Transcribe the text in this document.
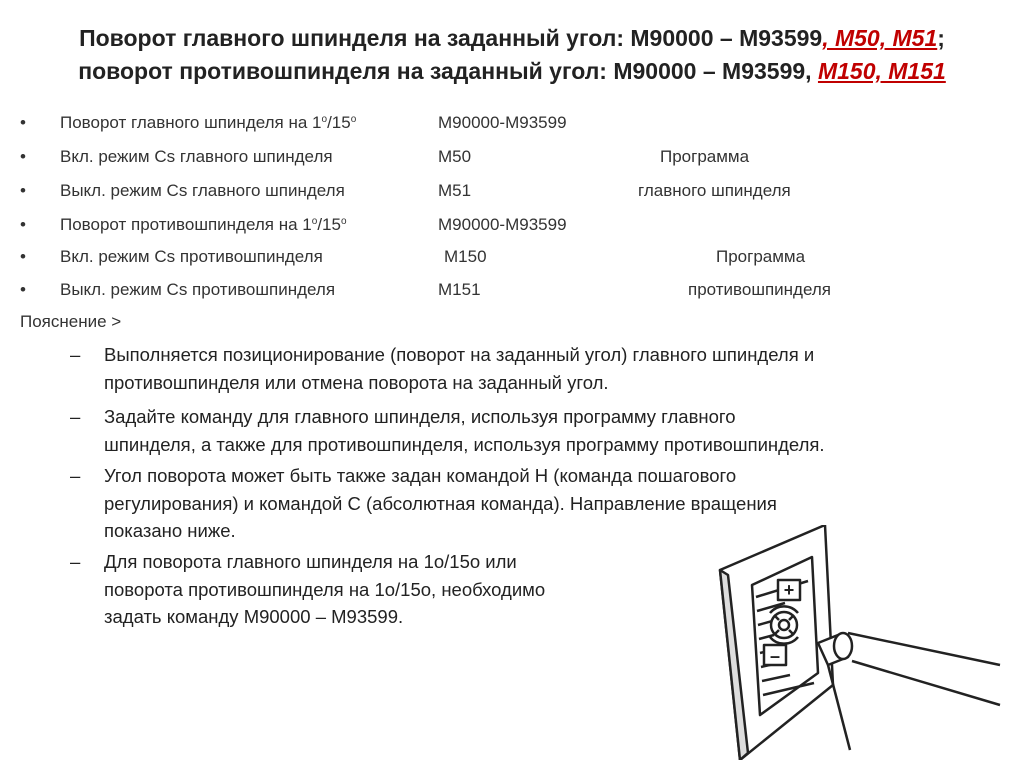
Поворот главного шпинделя на заданный угол: M90000 – M93599, M50, M51;
поворот противошпинделя на заданный угол: M90000 – M93599, M150, M151
• Поворот главного шпинделя на $1^о/15^о$	M90000-M93599
• Вкл. режим Cs главного шпинделя	M50	Программа
• Выкл. режим Cs главного шпинделя	M51	главного шпинделя
• Поворот противошпинделя на $1^о/15^о$	M90000-M93599
• Вкл. режим Cs противошпинделя	M150	Программа
• Выкл. режим Cs противошпинделя	M151	противошпинделя
Пояснение >
– Выполняется позиционирование (поворот на заданный угол) главного шпинделя и
противошпинделя или отмена поворота на заданный угол.
– Задайте команду для главного шпинделя, используя программу главного
шпинделя, а также для противошпинделя, используя программу противошпинделя.
– Угол поворота может быть также задан командой H (команда пошагового
регулирования) и командой C (абсолютная команда). Направление вращения
показано ниже.
– Для поворота главного шпинделя на 1о/15о или
поворота противошпинделя на 1о/15о, необходимо
задать команду M90000 – M93599.
+
–
